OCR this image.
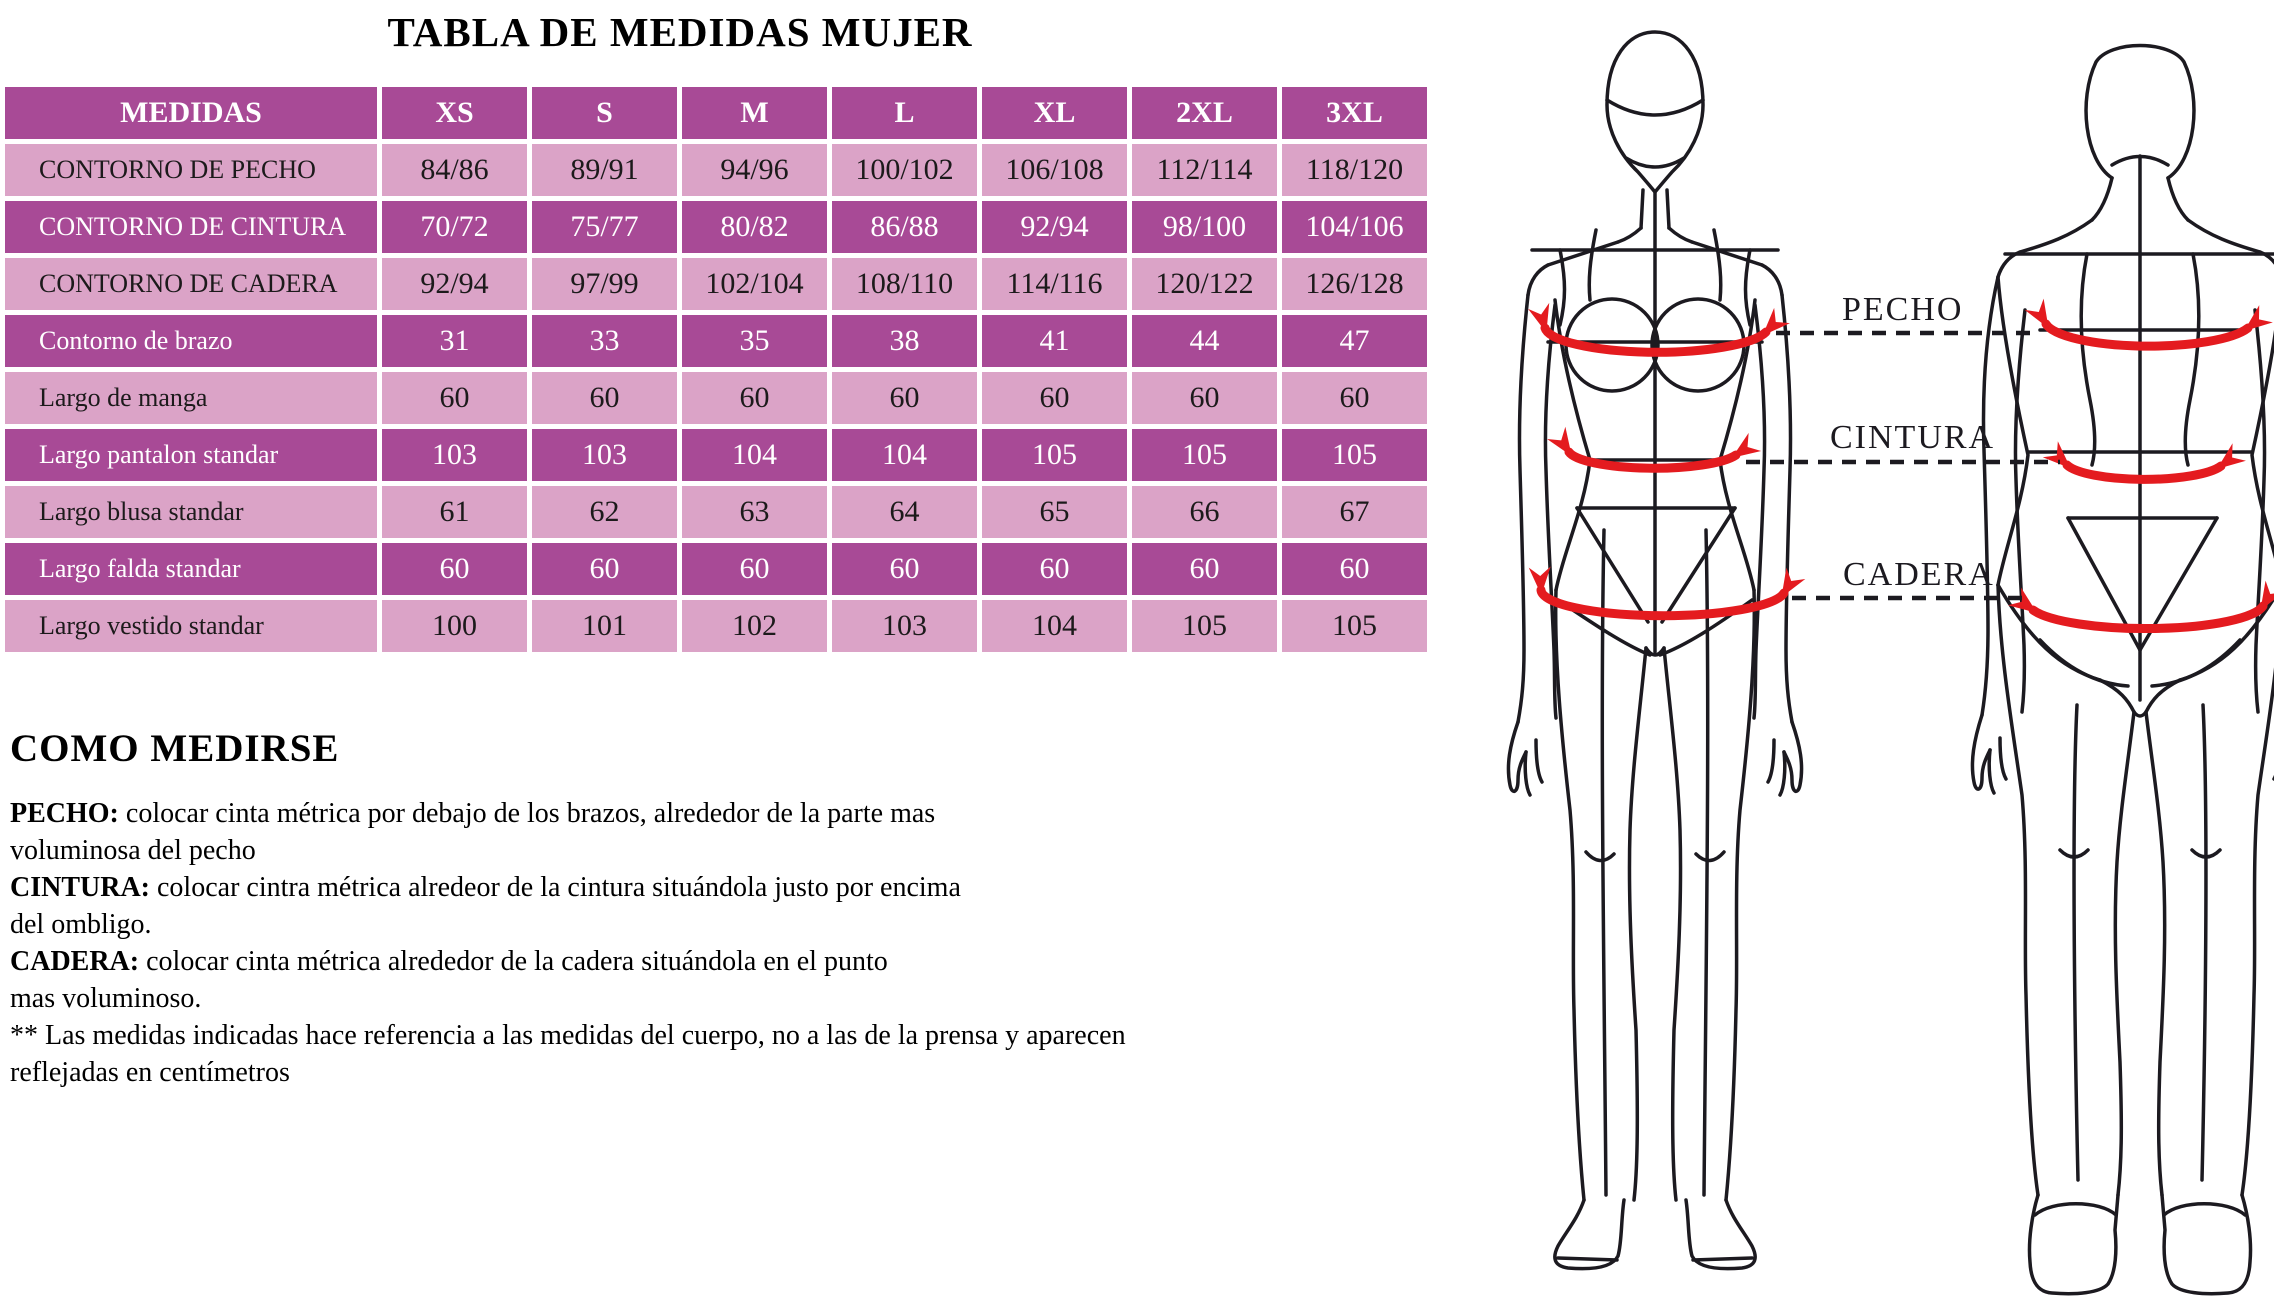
TABLA DE MEDIDAS MUJER
MEDIDAS	XS	S	M	L	XL	2XL	3XL
CONTORNO DE PECHO	84/86	89/91	94/96	100/102	106/108	112/114	118/120
CONTORNO DE CINTURA	70/72	75/77	80/82	86/88	92/94	98/100	104/106
CONTORNO DE CADERA	92/94	97/99	102/104	108/110	114/116	120/122	126/128
Contorno de brazo	31	33	35	38	41	44	47
Largo de manga	60	60	60	60	60	60	60
Largo pantalon standar	103	103	104	104	105	105	105
Largo blusa standar	61	62	63	64	65	66	67
Largo falda standar	60	60	60	60	60	60	60
Largo vestido standar	100	101	102	103	104	105	105
COMO MEDIRSE
PECHO: colocar cinta métrica por debajo de los brazos, alrededor de la parte mas
voluminosa del pecho
CINTURA: colocar cintra métrica alredeor de la cintura situándola justo por encima
del ombligo.
CADERA: colocar cinta métrica alrededor de la cadera situándola en el punto
mas voluminoso.
** Las medidas indicadas hace referencia a las medidas del cuerpo, no a las de la prensa y aparecen
reflejadas en centímetros
PECHO
CINTURA
CADERA
